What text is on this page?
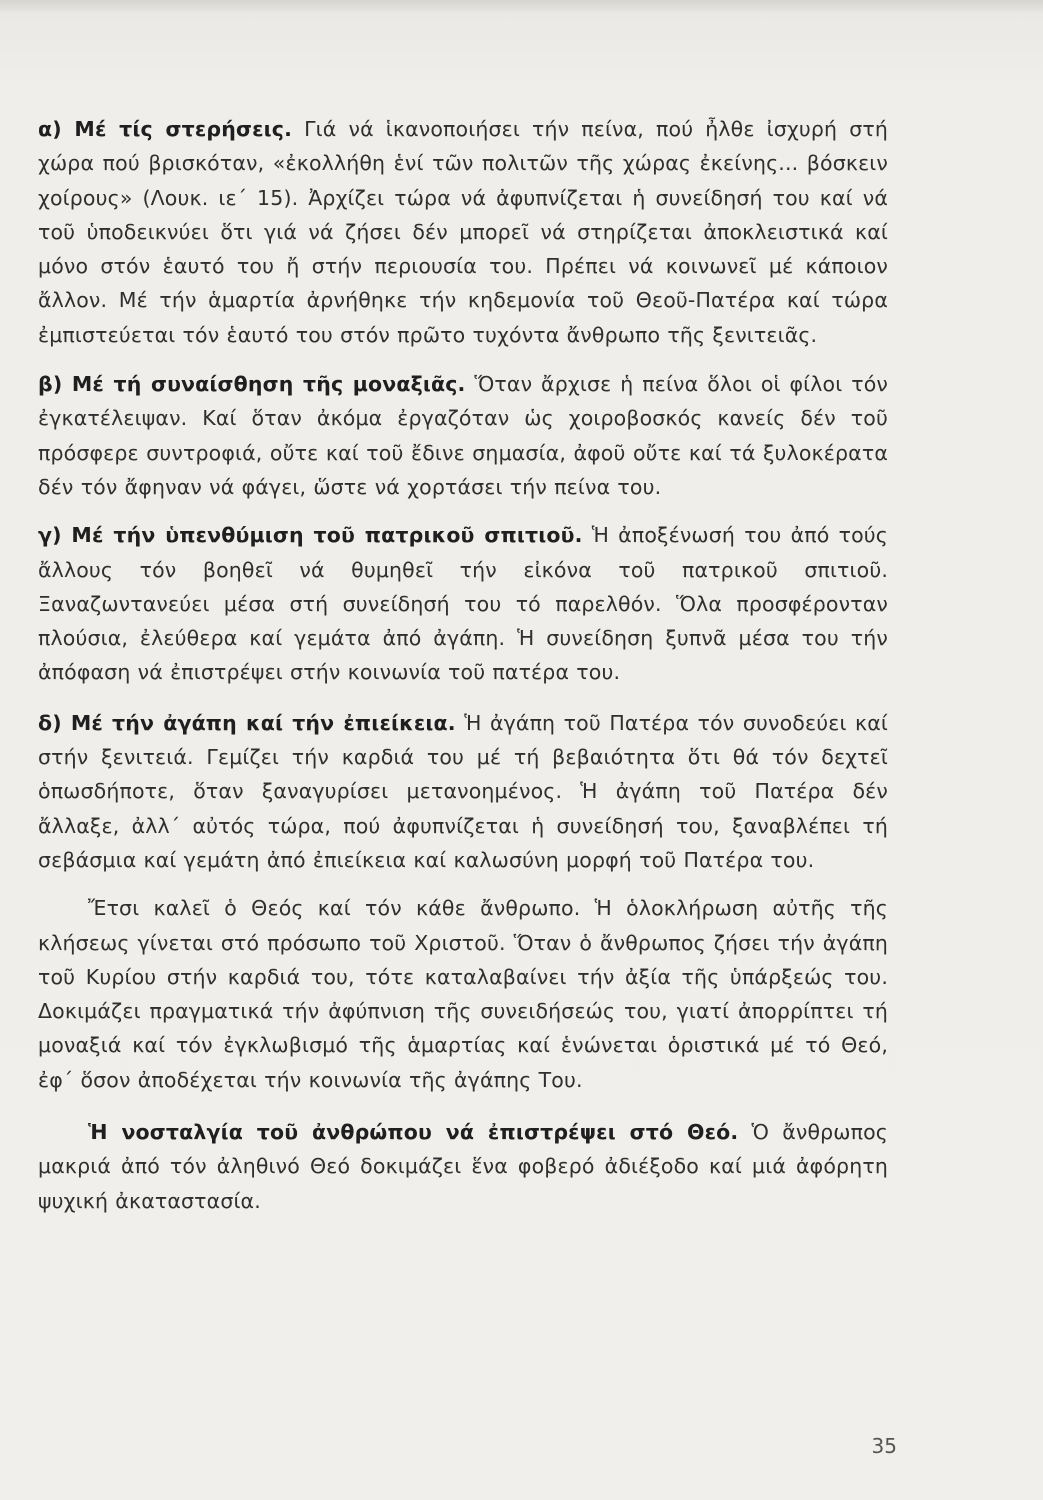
α) Μέ τίς στερήσεις. Γιά νά ἱκανοποιήσει τήν πείνα, πού ἦλθε ἰσχυρή στή χώρα πού βρισκόταν, «ἐκολλήθη ἑνί τῶν πολιτῶν τῆς χώρας ἐκείνης... βόσκειν χοίρους» (Λουκ. ιε΄ 15). Ἀρχίζει τώρα νά ἀφυπνίζεται ἡ συνείδησή του καί νά τοῦ ὑποδεικνύει ὅτι γιά νά ζήσει δέν μπορεῖ νά στηρίζεται ἀποκλειστικά καί μόνο στόν ἑαυτό του ἤ στήν περιουσία του. Πρέπει νά κοινωνεῖ μέ κάποιον ἄλλον. Μέ τήν ἁμαρτία ἀρνήθηκε τήν κηδεμονία τοῦ Θεοῦ-Πατέρα καί τώρα ἐμπιστεύεται τόν ἑαυτό του στόν πρῶτο τυχόντα ἄνθρωπο τῆς ξενιτειᾶς.

β) Μέ τή συναίσθηση τῆς μοναξιᾶς. Ὅταν ἄρχισε ἡ πείνα ὅλοι οἱ φίλοι τόν ἐγκατέλειψαν. Καί ὅταν ἀκόμα ἐργαζόταν ὡς χοιροβοσκός κανείς δέν τοῦ πρόσφερε συντροφιά, οὔτε καί τοῦ ἔδινε σημασία, ἀφοῦ οὔτε καί τά ξυλοκέρατα δέν τόν ἄφηναν νά φάγει, ὥστε νά χορτάσει τήν πείνα του.

γ) Μέ τήν ὑπενθύμιση τοῦ πατρικοῦ σπιτιοῦ. Ἡ ἀποξένωσή του ἀπό τούς ἄλλους τόν βοηθεῖ νά θυμηθεῖ τήν εἰκόνα τοῦ πατρικοῦ σπιτιοῦ. Ξαναζωντανεύει μέσα στή συνείδησή του τό παρελθόν. Ὅλα προσφέρονταν πλούσια, ἐλεύθερα καί γεμάτα ἀπό ἀγάπη. Ἡ συνείδηση ξυπνᾶ μέσα του τήν ἀπόφαση νά ἐπιστρέψει στήν κοινωνία τοῦ πατέρα του.

δ) Μέ τήν ἀγάπη καί τήν ἐπιείκεια. Ἡ ἀγάπη τοῦ Πατέρα τόν συνοδεύει καί στήν ξενιτειά. Γεμίζει τήν καρδιά του μέ τή βεβαιότητα ὅτι θά τόν δεχτεῖ ὁπωσδήποτε, ὅταν ξαναγυρίσει μετανοημένος. Ἡ ἀγάπη τοῦ Πατέρα δέν ἄλλαξε, ἀλλ΄ αὐτός τώρα, πού ἀφυπνίζεται ἡ συνείδησή του, ξαναβλέπει τή σεβάσμια καί γεμάτη ἀπό ἐπιείκεια καί καλωσύνη μορφή τοῦ Πατέρα του.

Ἔτσι καλεῖ ὁ Θεός καί τόν κάθε ἄνθρωπο. Ἡ ὁλοκλήρωση αὐτῆς τῆς κλήσεως γίνεται στό πρόσωπο τοῦ Χριστοῦ. Ὅταν ὁ ἄνθρωπος ζήσει τήν ἀγάπη τοῦ Κυρίου στήν καρδιά του, τότε καταλαβαίνει τήν ἀξία τῆς ὑπάρξεώς του. Δοκιμάζει πραγματικά τήν ἀφύπνιση τῆς συνειδήσεώς του, γιατί ἀπορρίπτει τή μοναξιά καί τόν ἐγκλωβισμό τῆς ἁμαρτίας καί ἑνώνεται ὁριστικά μέ τό Θεό, ἐφ΄ ὅσον ἀποδέχεται τήν κοινωνία τῆς ἀγάπης Του.

Ἡ νοσταλγία τοῦ ἀνθρώπου νά ἐπιστρέψει στό Θεό. Ὁ ἄνθρωπος μακριά ἀπό τόν ἀληθινό Θεό δοκιμάζει ἕνα φοβερό ἀδιέξοδο καί μιά ἀφόρητη ψυχική ἀκαταστασία.

35
